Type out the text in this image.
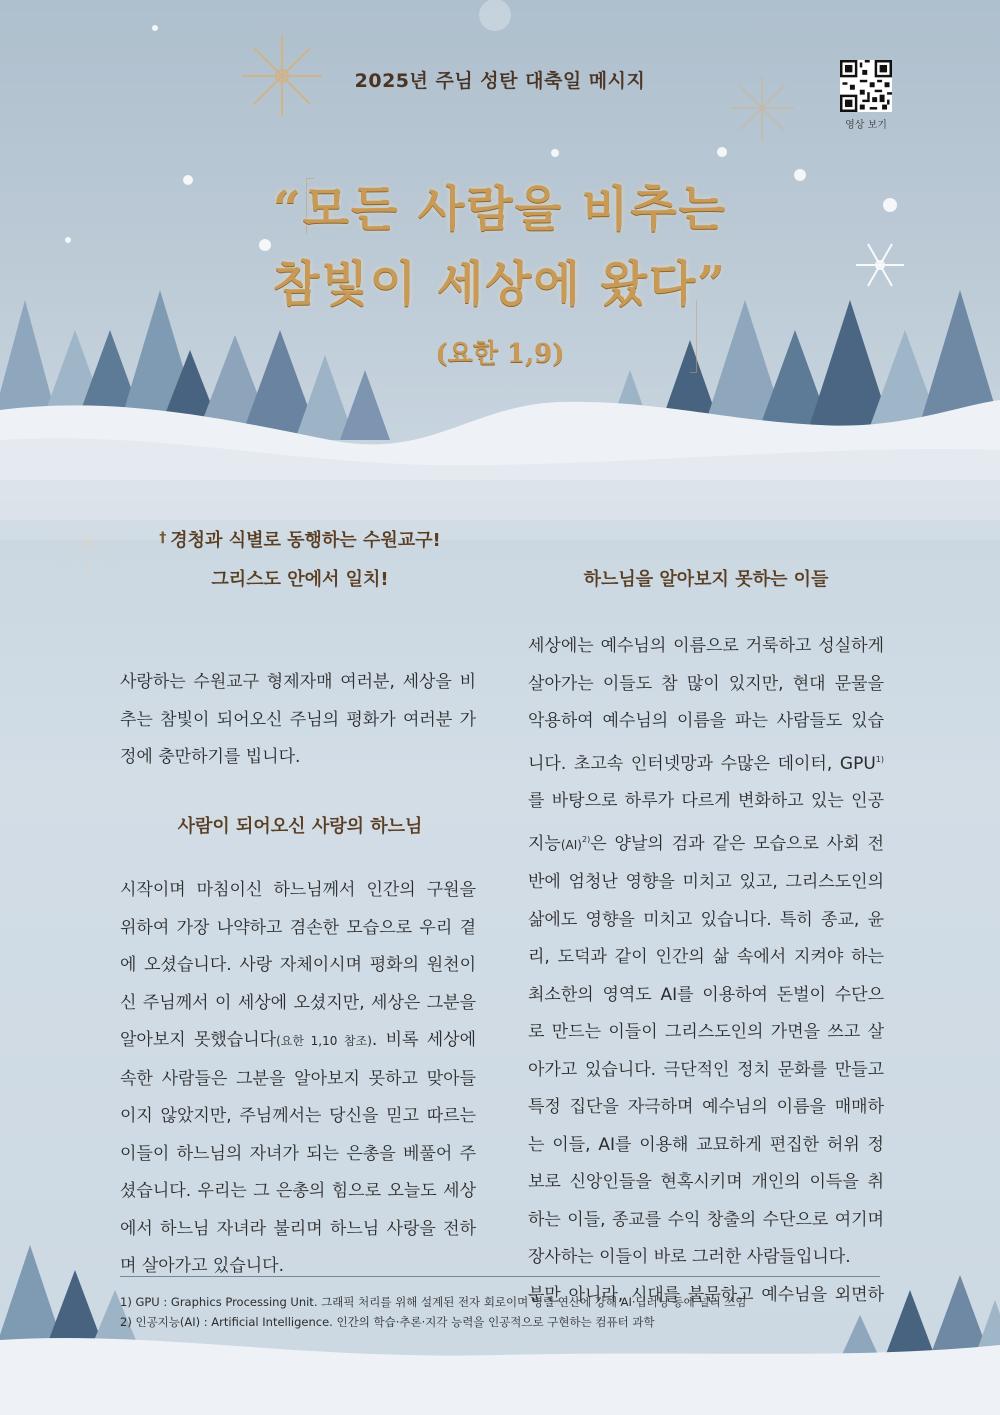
2025년 주님 성탄 대축일 메시지
영상 보기
“모든 사람을 비추는
참빛이 세상에 왔다”
(요한 1,9)
† 경청과 식별로 동행하는 수원교구!
그리스도 안에서 일치!	하느님을 알아보지 못하는 이들
사랑하는 수원교구 형제자매 여러분, 세상을 비
추는 참빛이 되어오신 주님의 평화가 여러분 가
정에 충만하기를 빕니다.
사람이 되어오신 사랑의 하느님
시작이며 마침이신 하느님께서 인간의 구원을
위하여 가장 나약하고 겸손한 모습으로 우리 곁
에 오셨습니다. 사랑 자체이시며 평화의 원천이
신 주님께서 이 세상에 오셨지만, 세상은 그분을
알아보지 못했습니다(요한 1,10 참조). 비록 세상에
속한 사람들은 그분을 알아보지 못하고 맞아들
이지 않았지만, 주님께서는 당신을 믿고 따르는
이들이 하느님의 자녀가 되는 은총을 베풀어 주
셨습니다. 우리는 그 은총의 힘으로 오늘도 세상
에서 하느님 자녀라 불리며 하느님 사랑을 전하
며 살아가고 있습니다.
세상에는 예수님의 이름으로 거룩하고 성실하게
살아가는 이들도 참 많이 있지만, 현대 문물을
악용하여 예수님의 이름을 파는 사람들도 있습
니다. 초고속 인터넷망과 수많은 데이터, GPU$^{1)}$
를 바탕으로 하루가 다르게 변화하고 있는 인공
지능(AI)$^{2)}$은 양날의 검과 같은 모습으로 사회 전
반에 엄청난 영향을 미치고 있고, 그리스도인의
삶에도 영향을 미치고 있습니다. 특히 종교, 윤
리, 도덕과 같이 인간의 삶 속에서 지켜야 하는
최소한의 영역도 AI를 이용하여 돈벌이 수단으
로 만드는 이들이 그리스도인의 가면을 쓰고 살
아가고 있습니다. 극단적인 정치 문화를 만들고
특정 집단을 자극하며 예수님의 이름을 매매하
는 이들, AI를 이용해 교묘하게 편집한 허위 정
보로 신앙인들을 현혹시키며 개인의 이득을 취
하는 이들, 종교를 수익 창출의 수단으로 여기며
장사하는 이들이 바로 그러한 사람들입니다.
분만 아니라, 시대를 불문하고 예수님을 외면하
1) GPU : Graphics Processing Unit. 그래픽 처리를 위해 설계된 전자 회로이며 병렬 연산에 강해 AI·딥러닝 등에 널리 쓰임
2) 인공지능(AI) : Artificial Intelligence. 인간의 학습·추론·지각 능력을 인공적으로 구현하는 컴퓨터 과학
